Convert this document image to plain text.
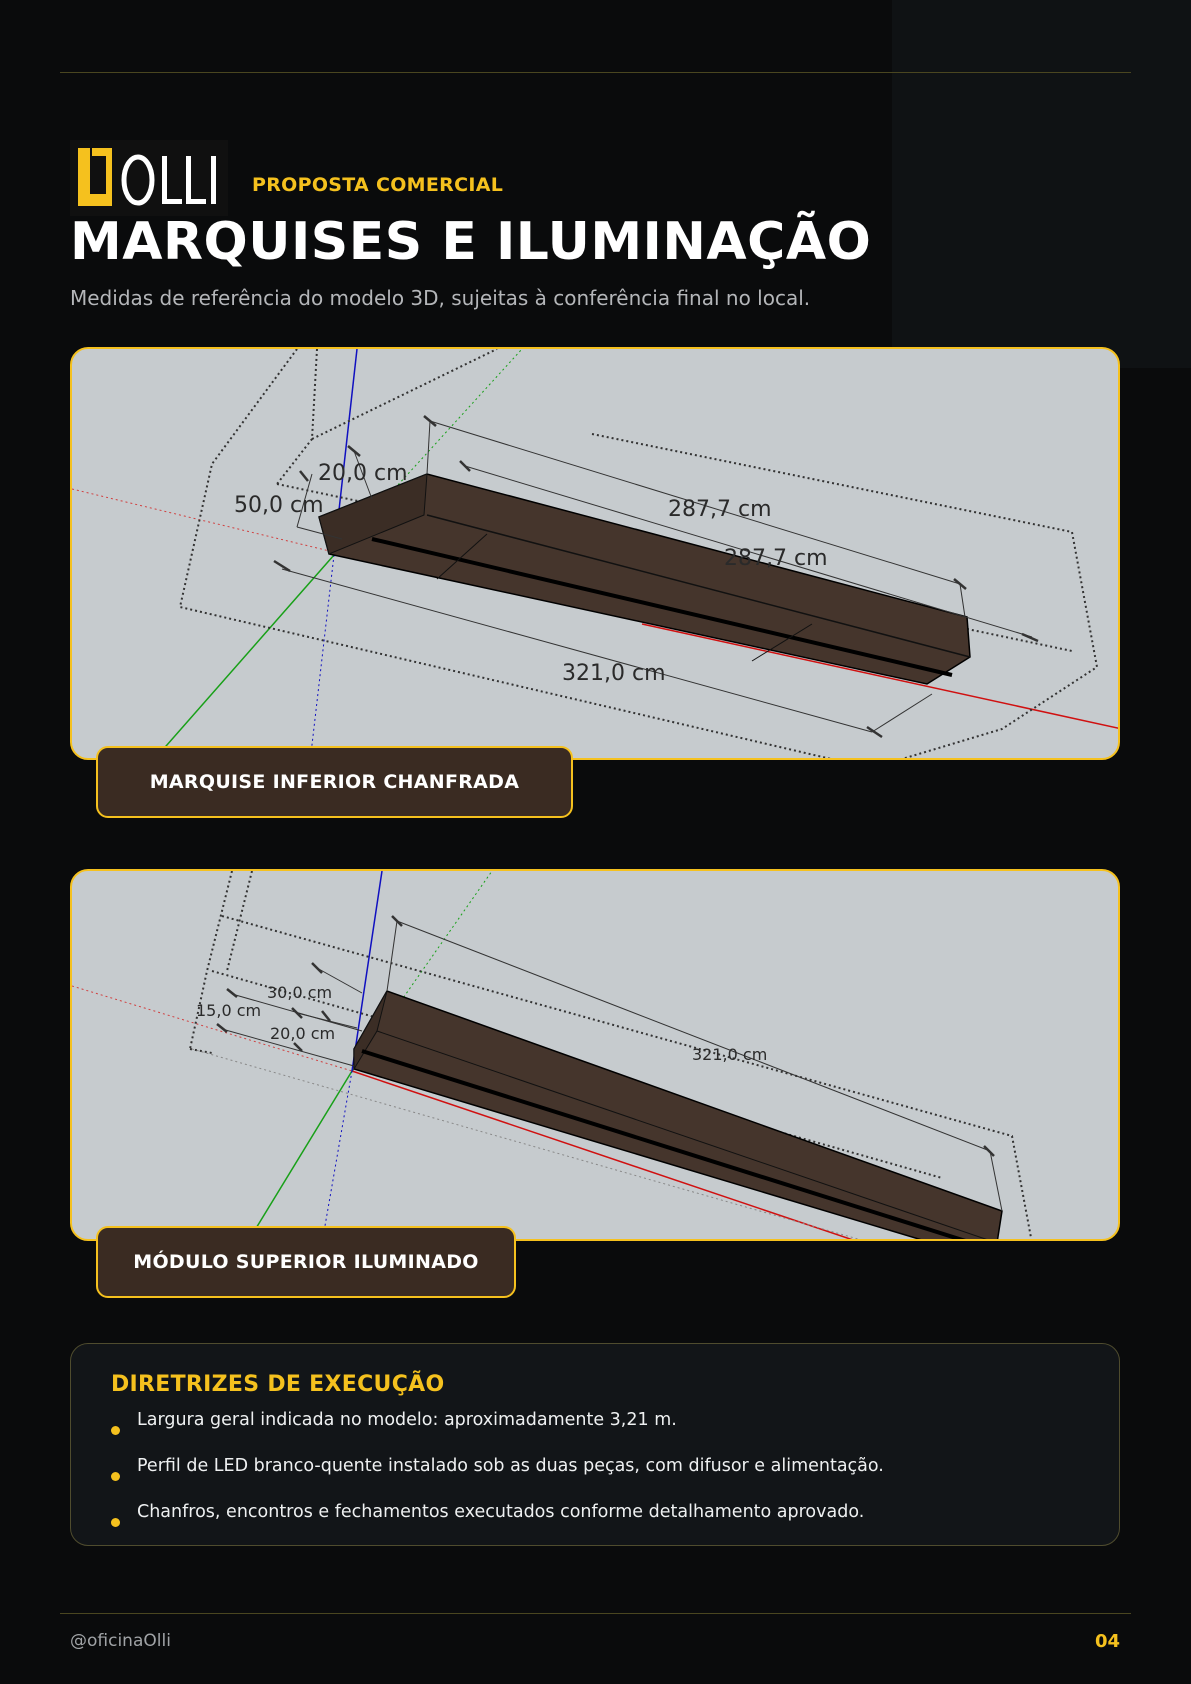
PROPOSTA COMERCIAL
MARQUISES E ILUMINAÇÃO
Medidas de referência do modelo 3D, sujeitas à conferência final no local.
20,0 cm
50,0 cm	287,7 cm
287,7 cm
321,0 cm
MARQUISE INFERIOR CHANFRADA
30,0 cm
15,0 cm
20,0 cm
321,0 cm
MÓDULO SUPERIOR ILUMINADO
DIRETRIZES DE EXECUÇÃO
Largura geral indicada no modelo: aproximadamente 3,21 m.
Perfil de LED branco-quente instalado sob as duas peças, com difusor e alimentação.
Chanfros, encontros e fechamentos executados conforme detalhamento aprovado.
@oficinaOlli	04
